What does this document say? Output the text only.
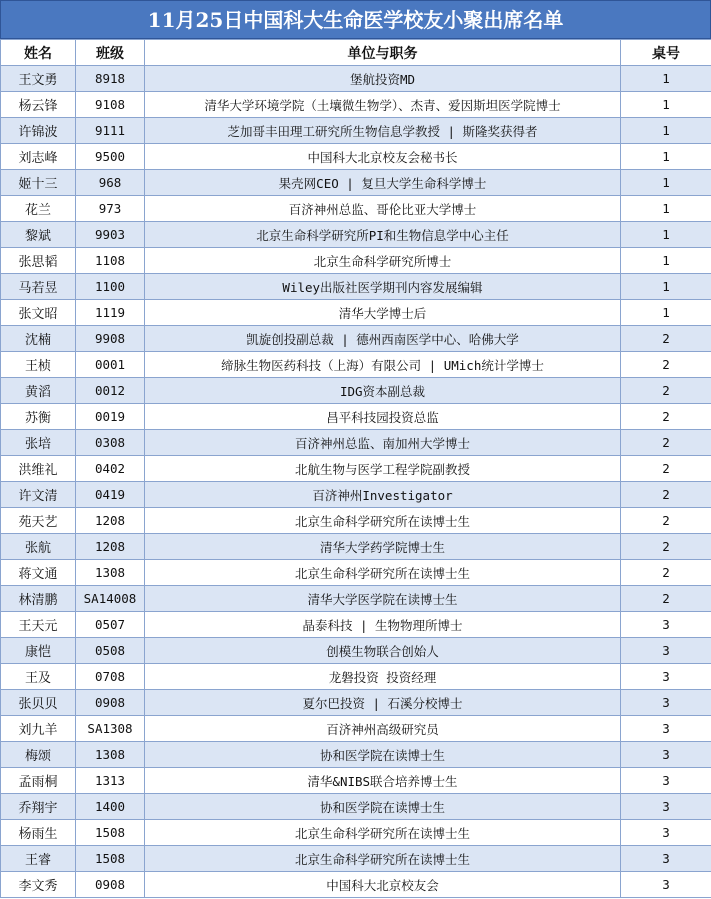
11月25日中国科大生命医学校友小聚出席名单
姓名	班级	单位与职务	桌号
王文勇	8918	堡航投资MD	1
杨云锋	9108	清华大学环境学院（土壤微生物学）、杰青、爱因斯坦医学院博士	1
许锦波	9111	芝加哥丰田理工研究所生物信息学教授 | 斯隆奖获得者	1
刘志峰	9500	中国科大北京校友会秘书长	1
姬十三	968	果壳网CEO | 复旦大学生命科学博士	1
花兰	973	百济神州总监、哥伦比亚大学博士	1
黎斌	9903	北京生命科学研究所PI和生物信息学中心主任	1
张思韬	1108	北京生命科学研究所博士	1
马若昱	1100	Wiley出版社医学期刊内容发展编辑	1
张文昭	1119	清华大学博士后	1
沈楠	9908	凯旋创投副总裁 | 德州西南医学中心、哈佛大学	2
王桢	0001	缔脉生物医药科技（上海）有限公司 | UMich统计学博士	2
黄滔	0012	IDG资本副总裁	2
苏衡	0019	昌平科技园投资总监	2
张培	0308	百济神州总监、南加州大学博士	2
洪维礼	0402	北航生物与医学工程学院副教授	2
许文清	0419	百济神州Investigator	2
苑天艺	1208	北京生命科学研究所在读博士生	2
张航	1208	清华大学药学院博士生	2
蒋文通	1308	北京生命科学研究所在读博士生	2
林清鹏	SA14008	清华大学医学院在读博士生	2
王天元	0507	晶泰科技 | 生物物理所博士	3
康恺	0508	创模生物联合创始人	3
王及	0708	龙磐投资 投资经理	3
张贝贝	0908	夏尔巴投资 | 石溪分校博士	3
刘九羊	SA1308	百济神州高级研究员	3
梅颂	1308	协和医学院在读博士生	3
孟雨桐	1313	清华&NIBS联合培养博士生	3
乔翔宇	1400	协和医学院在读博士生	3
杨雨生	1508	北京生命科学研究所在读博士生	3
王睿	1508	北京生命科学研究所在读博士生	3
李文秀	0908	中国科大北京校友会	3
